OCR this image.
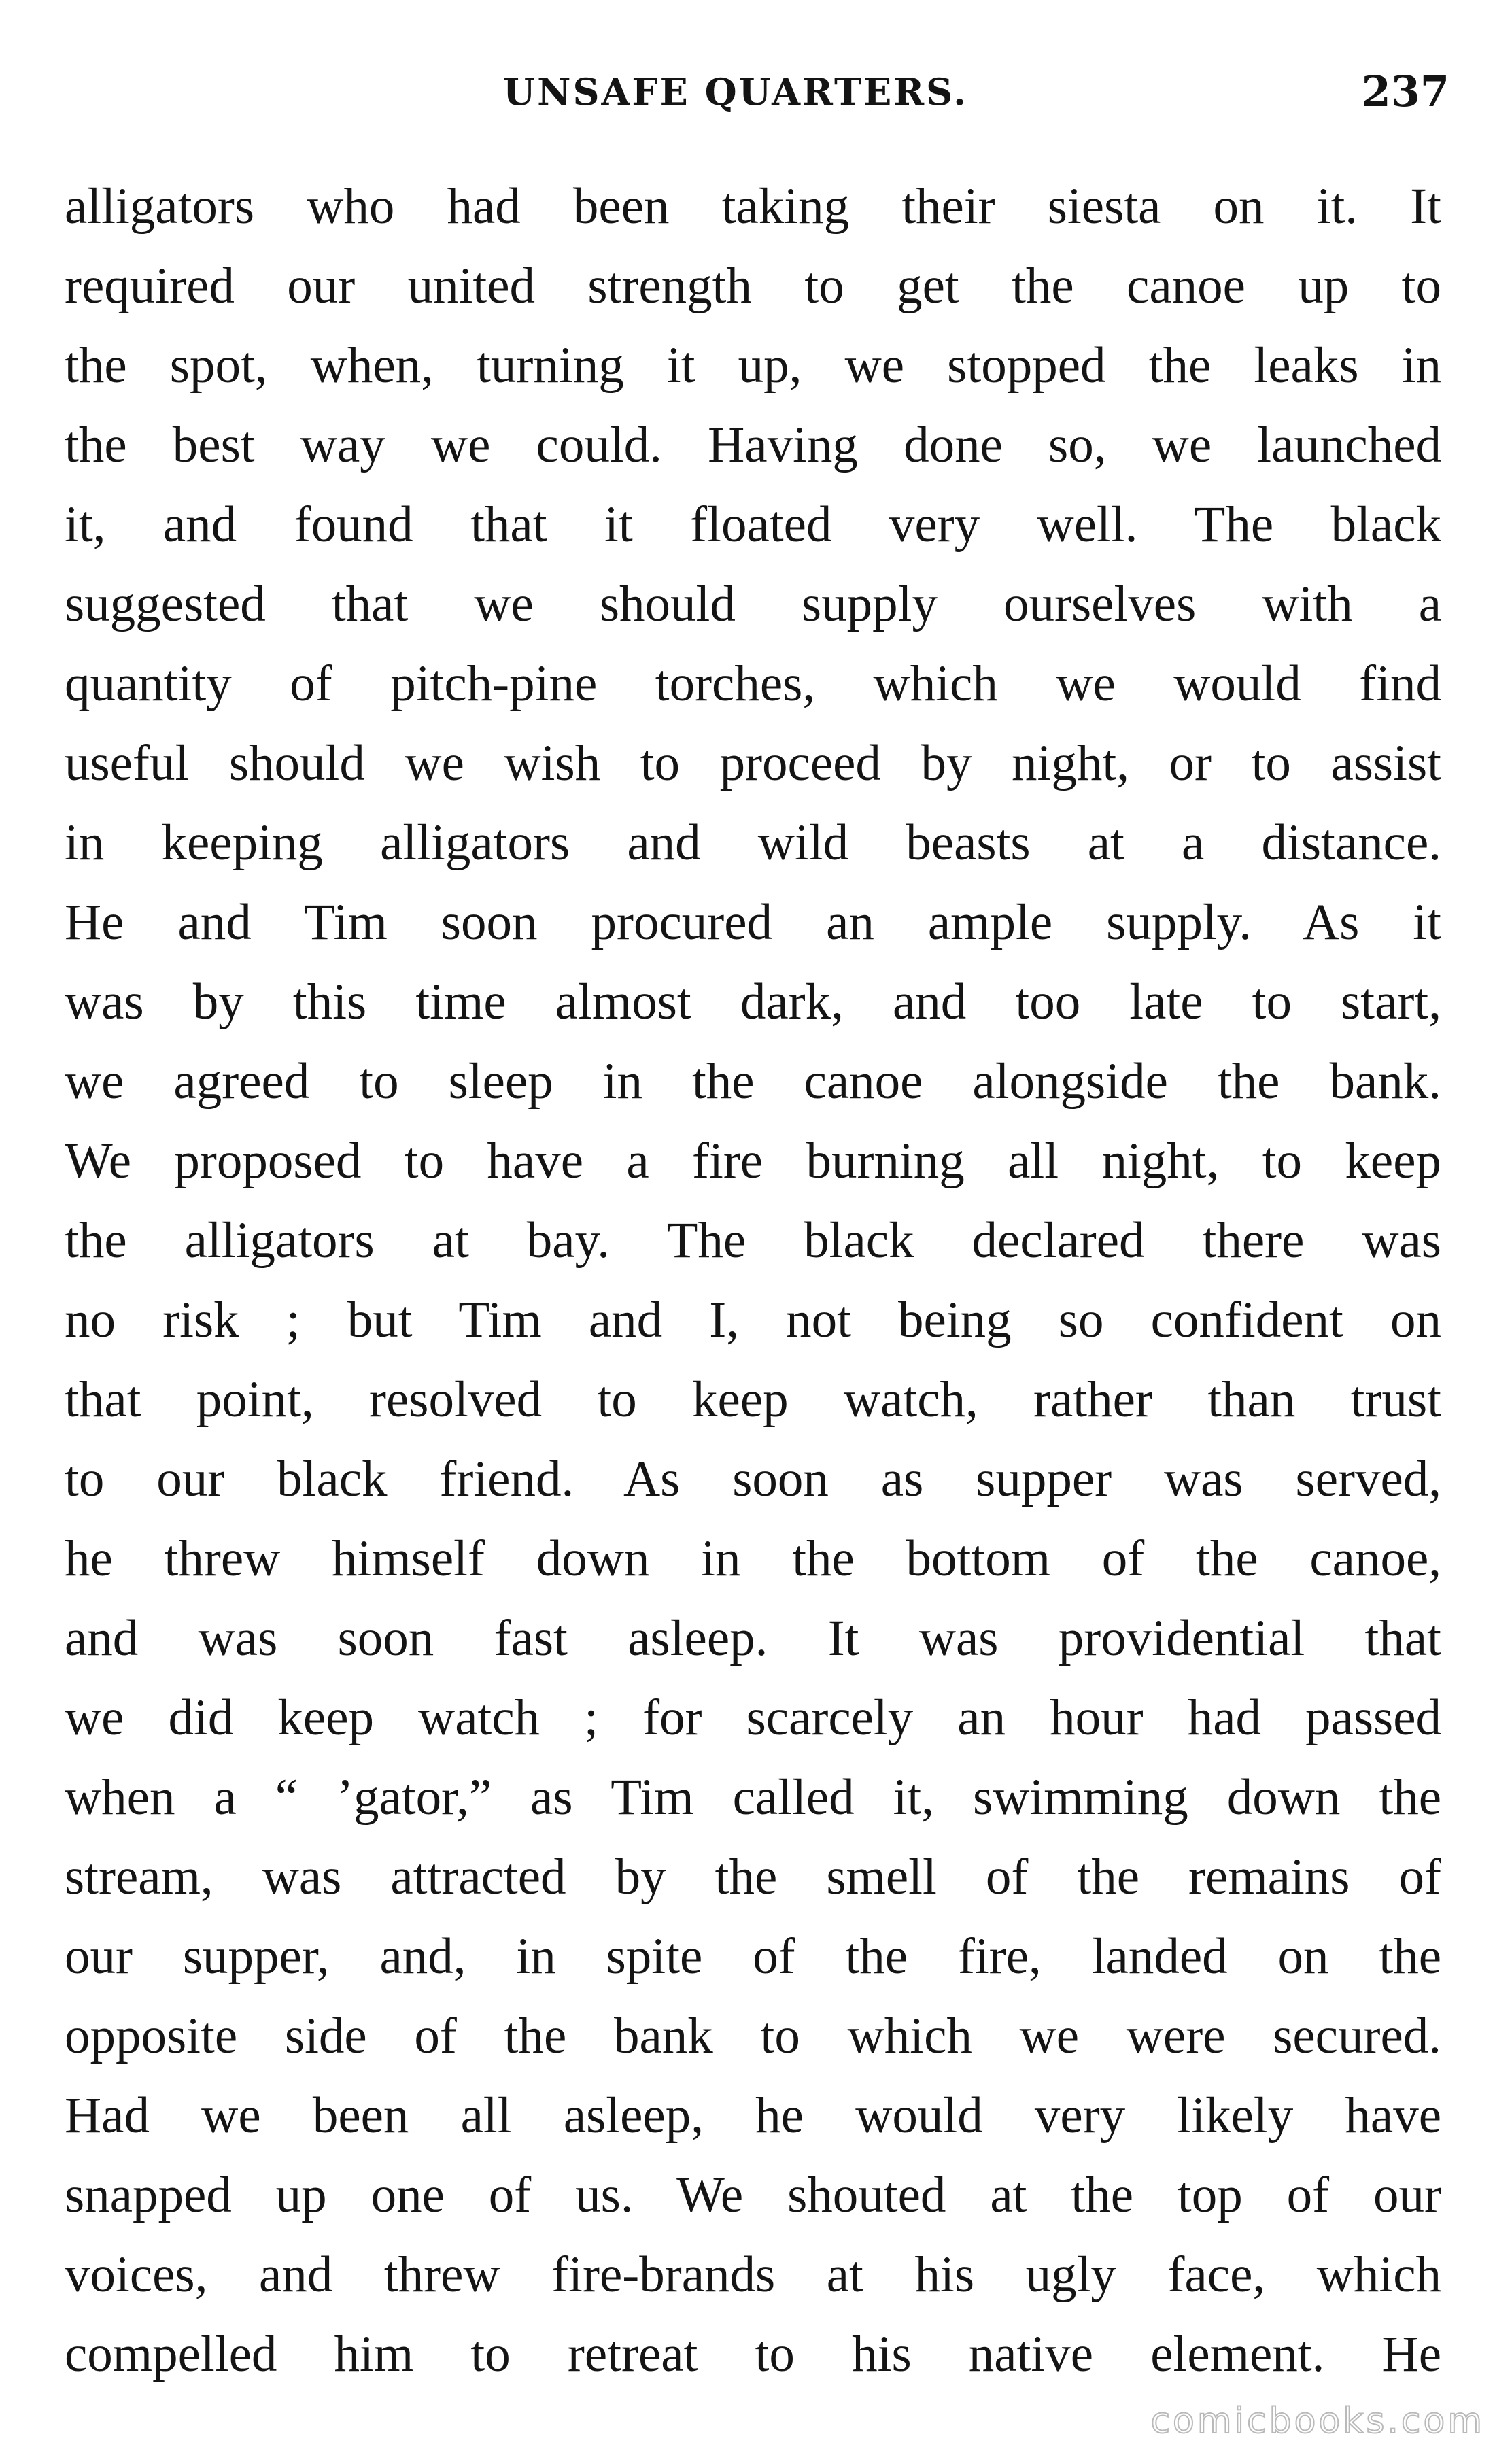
UNSAFE QUARTERS.	237
alligators who had been taking their siesta on it. It
required our united strength to get the canoe up to
the spot, when, turning it up, we stopped the leaks in
the best way we could. Having done so, we launched
it, and found that it floated very well. The black
suggested that we should supply ourselves with a
quantity of pitch-pine torches, which we would find
useful should we wish to proceed by night, or to assist
in keeping alligators and wild beasts at a distance.
He and Tim soon procured an ample supply. As it
was by this time almost dark, and too late to start,
we agreed to sleep in the canoe alongside the bank.
We proposed to have a fire burning all night, to keep
the alligators at bay. The black declared there was
no risk ; but Tim and I, not being so confident on
that point, resolved to keep watch, rather than trust
to our black friend. As soon as supper was served,
he threw himself down in the bottom of the canoe,
and was soon fast asleep. It was providential that
we did keep watch ; for scarcely an hour had passed
when a “ ’gator,” as Tim called it, swimming down the
stream, was attracted by the smell of the remains of
our supper, and, in spite of the fire, landed on the
opposite side of the bank to which we were secured.
Had we been all asleep, he would very likely have
snapped up one of us. We shouted at the top of our
voices, and threw fire-brands at his ugly face, which
compelled him to retreat to his native element. He
comicbooks.com
